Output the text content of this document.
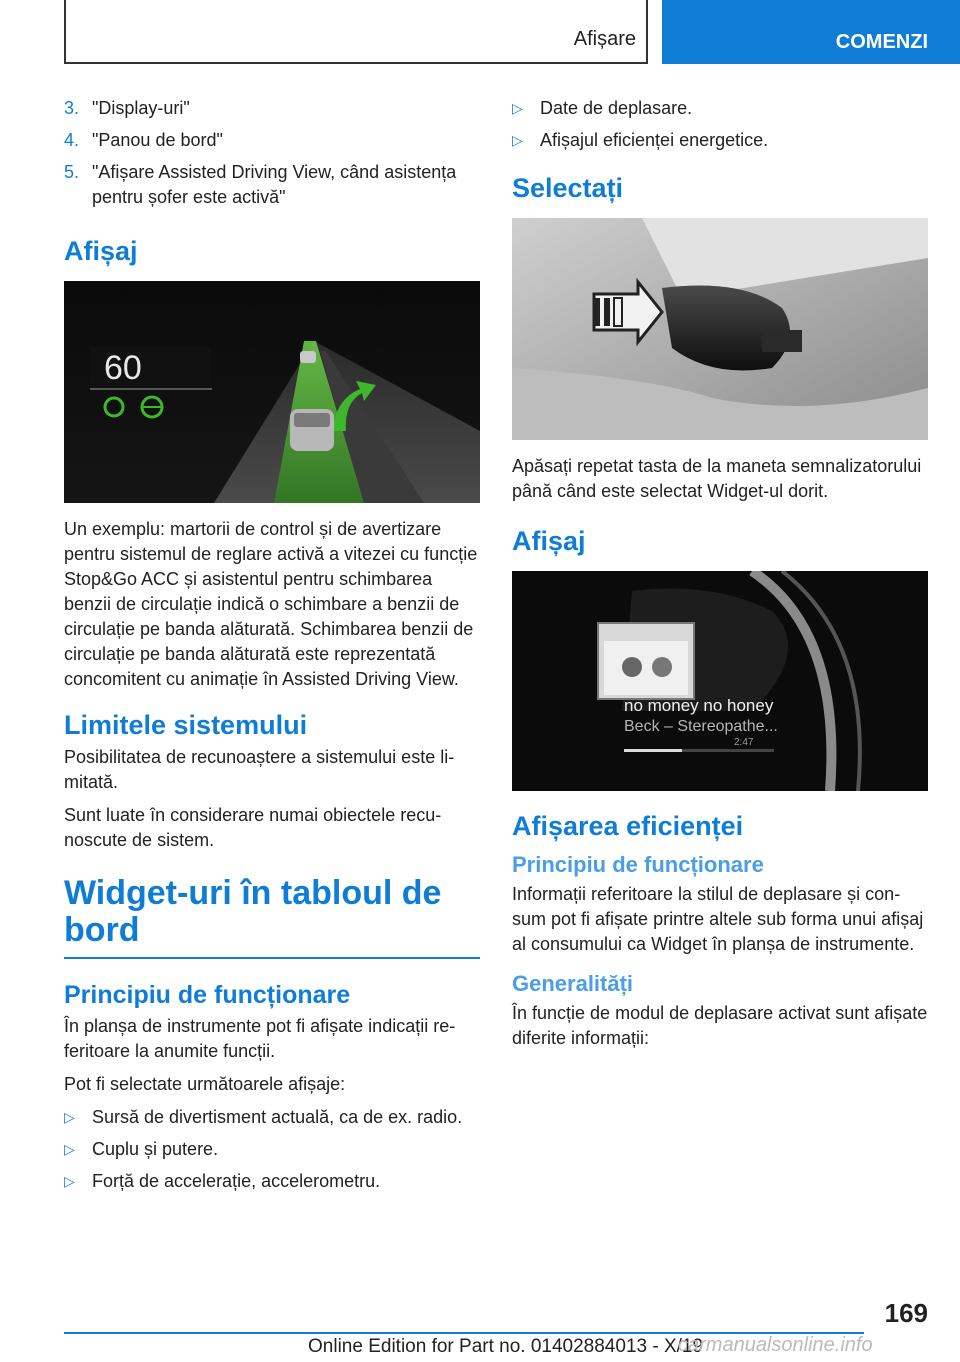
Afișare	COMENZI
3. "Display-uri"
4. "Panou de bord"
5. "Afișare Assisted Driving View, când asistența pentru șofer este activă"
Afișaj
60

Un exemplu: martorii de control și de avertizare pentru sistemul de reglare activă a vitezei cu funcție Stop&Go ACC și asistentul pentru schimbarea benzii de circulație indică o schimbare a benzii de circulație pe banda alăturată. Schimbarea benzii de circulație pe banda alăturată este reprezentată concomitent cu animație în Assisted Driving View.

Limitele sistemului

Posibilitatea de recunoaștere a sistemului este limitată.

Sunt luate în considerare numai obiectele recunoscute de sistem.

Widget-uri în tabloul de bord
Principiu de funcționare

În planșa de instrumente pot fi afișate indicații referitoare la anumite funcții.

Pot fi selectate următoarele afișaje:

▷ Sursă de divertisment actuală, ca de ex. radio.
▷ Cuplu și putere.
▷ Forță de accelerație, accelerometru.
▷ Date de deplasare.
▷ Afișajul eficienței energetice.
Selectați

Apăsați repetat tasta de la maneta semnalizatorului până când este selectat Widget-ul dorit.

Afișaj
no money no honey
Beck – Stereopathe...
2:47
Afișarea eficienței
Principiu de funcționare

Informații referitoare la stilul de deplasare și consum pot fi afișate printre altele sub forma unui afișaj al consumului ca Widget în planșa de instrumente.

Generalități

În funcție de modul de deplasare activat sunt afișate diferite informații:

169
Online Edition for Part no. 01402884013 - X/19
carmanualsonline.info
